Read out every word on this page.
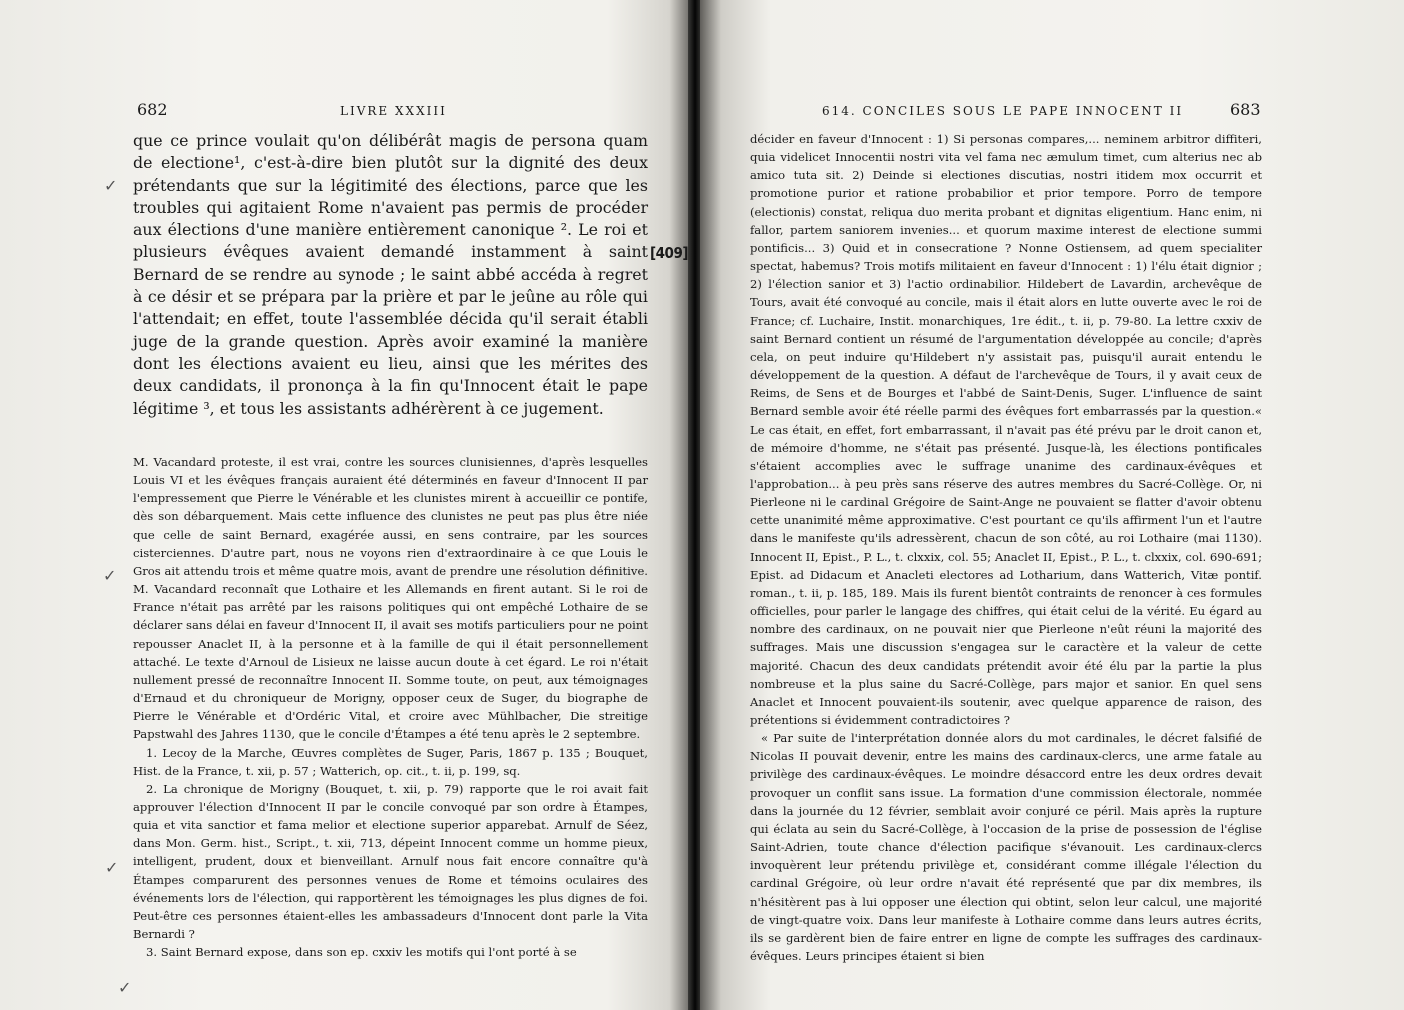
682	LIVRE XXXIII

que ce prince voulait qu'on délibérât magis de persona quam de electione¹, c'est-à-dire bien plutôt sur la dignité des deux prétendants que sur la légitimité des élections, parce que les troubles qui agitaient Rome n'avaient pas permis de procéder aux élections d'une manière entièrement canonique ². Le roi et plusieurs évêques avaient demandé instamment à saint Bernard de se rendre au synode ; le saint abbé accéda à regret à ce désir et se prépara par la prière et par le jeûne au rôle qui l'attendait; en effet, toute l'assemblée décida qu'il serait établi juge de la grande question. Après avoir examiné la manière dont les élections avaient eu lieu, ainsi que les mérites des deux candidats, il prononça à la fin qu'Innocent était le pape légitime ³, et tous les assistants adhérèrent à ce jugement.

[409]

M. Vacandard proteste, il est vrai, contre les sources clunisiennes, d'après lesquelles Louis VI et les évêques français auraient été déterminés en faveur d'Innocent II par l'empressement que Pierre le Vénérable et les clunistes mirent à accueillir ce pontife, dès son débarquement. Mais cette influence des clunistes ne peut pas plus être niée que celle de saint Bernard, exagérée aussi, en sens contraire, par les sources cisterciennes. D'autre part, nous ne voyons rien d'extraordinaire à ce que Louis le Gros ait attendu trois et même quatre mois, avant de prendre une résolution définitive. M. Vacandard reconnaît que Lothaire et les Allemands en firent autant. Si le roi de France n'était pas arrêté par les raisons politiques qui ont empêché Lothaire de se déclarer sans délai en faveur d'Innocent II, il avait ses motifs particuliers pour ne point repousser Anaclet II, à la personne et à la famille de qui il était personnellement attaché. Le texte d'Arnoul de Lisieux ne laisse aucun doute à cet égard. Le roi n'était nullement pressé de reconnaître Innocent II. Somme toute, on peut, aux témoignages d'Ernaud et du chroniqueur de Morigny, opposer ceux de Suger, du biographe de Pierre le Vénérable et d'Ordéric Vital, et croire avec Mühlbacher, Die streitige Papstwahl des Jahres 1130, que le concile d'Étampes a été tenu après le 2 septembre.

1. Lecoy de la Marche, Œuvres complètes de Suger, Paris, 1867 p. 135 ; Bouquet, Hist. de la France, t. xii, p. 57 ; Watterich, op. cit., t. ii, p. 199, sq.

2. La chronique de Morigny (Bouquet, t. xii, p. 79) rapporte que le roi avait fait approuver l'élection d'Innocent II par le concile convoqué par son ordre à Étampes, quia et vita sanctior et fama melior et electione superior apparebat. Arnulf de Séez, dans Mon. Germ. hist., Script., t. xii, 713, dépeint Innocent comme un homme pieux, intelligent, prudent, doux et bienveillant. Arnulf nous fait encore connaître qu'à Étampes comparurent des personnes venues de Rome et témoins oculaires des événements lors de l'élection, qui rapportèrent les témoignages les plus dignes de foi. Peut-être ces personnes étaient-elles les ambassadeurs d'Innocent dont parle la Vita Bernardi ?

3. Saint Bernard expose, dans son ep. cxxiv les motifs qui l'ont porté à se

✓
✓
✓
✓
614. CONCILES SOUS LE PAPE INNOCENT II	683

décider en faveur d'Innocent : 1) Si personas compares,... neminem arbitror diffiteri, quia videlicet Innocentii nostri vita vel fama nec æmulum timet, cum alterius nec ab amico tuta sit. 2) Deinde si electiones discutias, nostri itidem mox occurrit et promotione purior et ratione probabilior et prior tempore. Porro de tempore (electionis) constat, reliqua duo merita probant et dignitas eligentium. Hanc enim, ni fallor, partem saniorem invenies... et quorum maxime interest de electione summi pontificis... 3) Quid et in consecratione ? Nonne Ostiensem, ad quem specialiter spectat, habemus? Trois motifs militaient en faveur d'Innocent : 1) l'élu était dignior ; 2) l'élection sanior et 3) l'actio ordinabilior. Hildebert de Lavardin, archevêque de Tours, avait été convoqué au concile, mais il était alors en lutte ouverte avec le roi de France; cf. Luchaire, Instit. monarchiques, 1re édit., t. ii, p. 79-80. La lettre cxxiv de saint Bernard contient un résumé de l'argumentation développée au concile; d'après cela, on peut induire qu'Hildebert n'y assistait pas, puisqu'il aurait entendu le développement de la question. A défaut de l'archevêque de Tours, il y avait ceux de Reims, de Sens et de Bourges et l'abbé de Saint-Denis, Suger. L'influence de saint Bernard semble avoir été réelle parmi des évêques fort embarrassés par la question.« Le cas était, en effet, fort embarrassant, il n'avait pas été prévu par le droit canon et, de mémoire d'homme, ne s'était pas présenté. Jusque-là, les élections pontificales s'étaient accomplies avec le suffrage unanime des cardinaux-évêques et l'approbation... à peu près sans réserve des autres membres du Sacré-Collège. Or, ni Pierleone ni le cardinal Grégoire de Saint-Ange ne pouvaient se flatter d'avoir obtenu cette unanimité même approximative. C'est pourtant ce qu'ils affirment l'un et l'autre dans le manifeste qu'ils adressèrent, chacun de son côté, au roi Lothaire (mai 1130). Innocent II, Epist., P. L., t. clxxix, col. 55; Anaclet II, Epist., P. L., t. clxxix, col. 690-691; Epist. ad Didacum et Anacleti electores ad Lotharium, dans Watterich, Vitæ pontif. roman., t. ii, p. 185, 189. Mais ils furent bientôt contraints de renoncer à ces formules officielles, pour parler le langage des chiffres, qui était celui de la vérité. Eu égard au nombre des cardinaux, on ne pouvait nier que Pierleone n'eût réuni la majorité des suffrages. Mais une discussion s'engagea sur le caractère et la valeur de cette majorité. Chacun des deux candidats prétendit avoir été élu par la partie la plus nombreuse et la plus saine du Sacré-Collège, pars major et sanior. En quel sens Anaclet et Innocent pouvaient-ils soutenir, avec quelque apparence de raison, des prétentions si évidemment contradictoires ?

« Par suite de l'interprétation donnée alors du mot cardinales, le décret falsifié de Nicolas II pouvait devenir, entre les mains des cardinaux-clercs, une arme fatale au privilège des cardinaux-évêques. Le moindre désaccord entre les deux ordres devait provoquer un conflit sans issue. La formation d'une commission électorale, nommée dans la journée du 12 février, semblait avoir conjuré ce péril. Mais après la rupture qui éclata au sein du Sacré-Collège, à l'occasion de la prise de possession de l'église Saint-Adrien, toute chance d'élection pacifique s'évanouit. Les cardinaux-clercs invoquèrent leur prétendu privilège et, considérant comme illégale l'élection du cardinal Grégoire, où leur ordre n'avait été représenté que par dix membres, ils n'hésitèrent pas à lui opposer une élection qui obtint, selon leur calcul, une majorité de vingt-quatre voix. Dans leur manifeste à Lothaire comme dans leurs autres écrits, ils se gardèrent bien de faire entrer en ligne de compte les suffrages des cardinaux-évêques. Leurs principes étaient si bien
